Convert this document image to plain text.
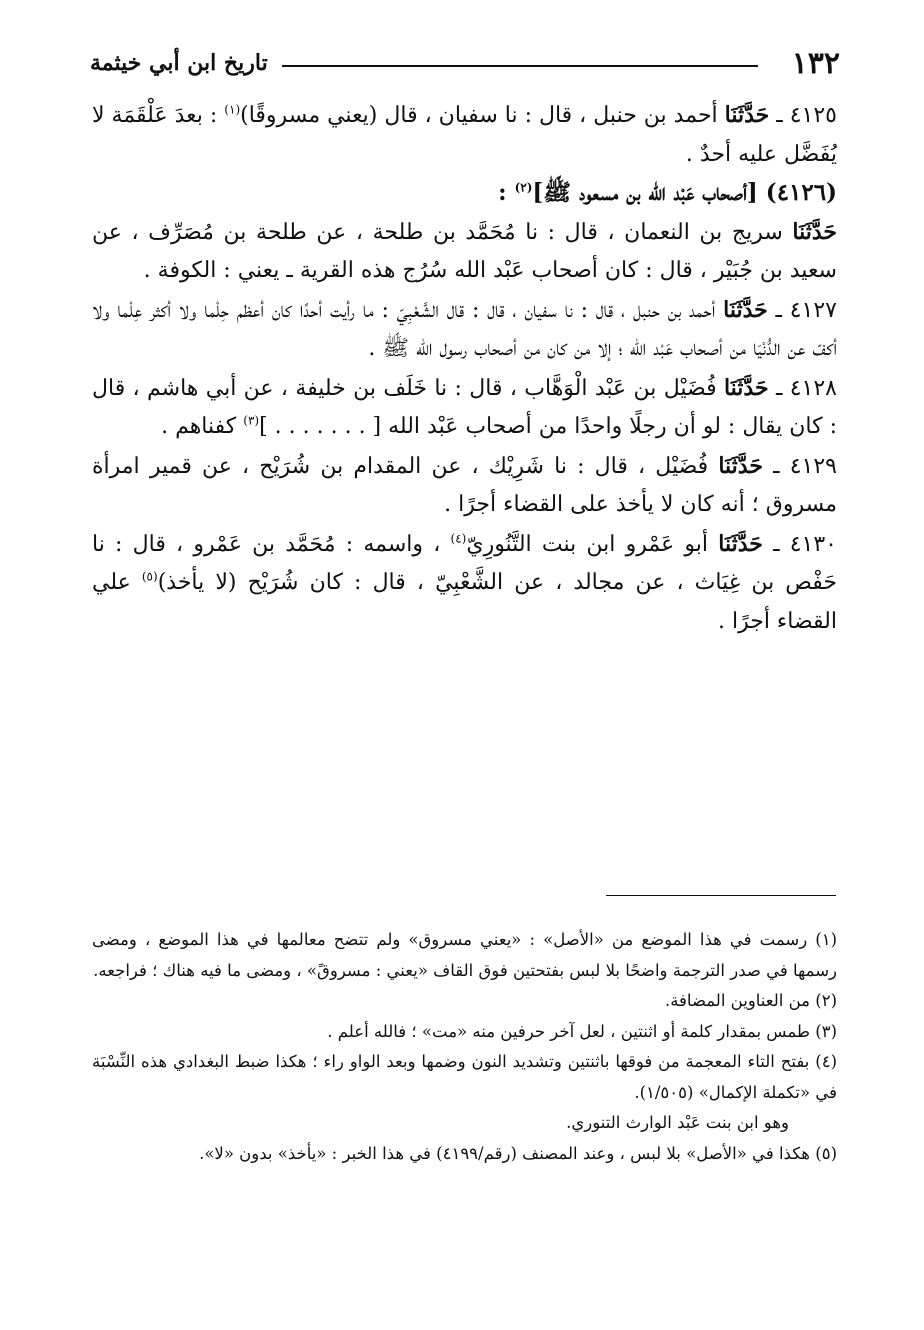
١٣٢
تاريخ ابن أبي خيثمة

٤١٢٥ ـ حَدَّثَنَا أحمد بن حنبل ، قال : نا سفيان ، قال (يعني مسروقًا)$^{(١)}$ : بعدَ عَلْقَمَة لا يُفَضَّل عليه أحدٌ .

(٤١٢٦) [أصحاب عَبْد الله بن مسعود ﷺ]$^{(٢)}$ :

حَدَّثَنَا سريج بن النعمان ، قال : نا مُحَمَّد بن طلحة ، عن طلحة بن مُصَرِّف ، عن سعيد بن جُبَيْر ، قال : كان أصحاب عَبْد الله سُرُج هذه القرية ـ يعني : الكوفة .

٤١٢٧ ـ حَدَّثَنَا أحمد بن حنبل ، قال : نا سفيان ، قال : قال الشَّعْبِيّ : ما رأيت أحدًا كان أعظم حِلْما ولا أكثر عِلْما ولا أكفّ عن الدُّنْيَا من أصحاب عَبْد الله ؛ إلا من كان من أصحاب رسول الله ﷺ .

٤١٢٨ ـ حَدَّثَنَا فُضَيْل بن عَبْد الْوَهَّاب ، قال : نا خَلَف بن خليفة ، عن أبي هاشم ، قال : كان يقال : لو أن رجلًا واحدًا من أصحاب عَبْد الله [ . . . . . . . ]$^{(٣)}$ كفناهم .

٤١٢٩ ـ حَدَّثَنَا فُضَيْل ، قال : نا شَرِيْك ، عن المقدام بن شُرَيْح ، عن قمير امرأة مسروق ؛ أنه كان لا يأخذ على القضاء أجرًا .

٤١٣٠ ـ حَدَّثَنَا أبو عَمْرو ابن بنت التَّنُورِيّ$^{(٤)}$ ، واسمه : مُحَمَّد بن عَمْرو ، قال : نا حَفْص بن غِيَاث ، عن مجالد ، عن الشَّعْبِيّ ، قال : كان شُرَيْح (لا يأخذ)$^{(٥)}$ علي القضاء أجرًا .

(١) رسمت في هذا الموضع من «الأصل» : «يعني مسروق» ولم تتضح معالمها في هذا الموضع ، ومضى رسمها في صدر الترجمة واضحًا بلا لبس بفتحتين فوق القاف «يعني : مسروقً» ، ومضى ما فيه هناك ؛ فراجعه.

(٢) من العناوين المضافة.

(٣) طمس بمقدار كلمة أو اثنتين ، لعل آخر حرفين منه «مت» ؛ فالله أعلم .

(٤) بفتح التاء المعجمة من فوقها باثنتين وتشديد النون وضمها وبعد الواو راء ؛ هكذا ضبط البغدادي هذه النِّسْبَة في «تكملة الإكمال» (١/٥٠٥).

وهو ابن بنت عَبْد الوارث التنوري.

(٥) هكذا في «الأصل» بلا لبس ، وعند المصنف (رقم/٤١٩٩) في هذا الخبر : «يأخذ» بدون «لا».
